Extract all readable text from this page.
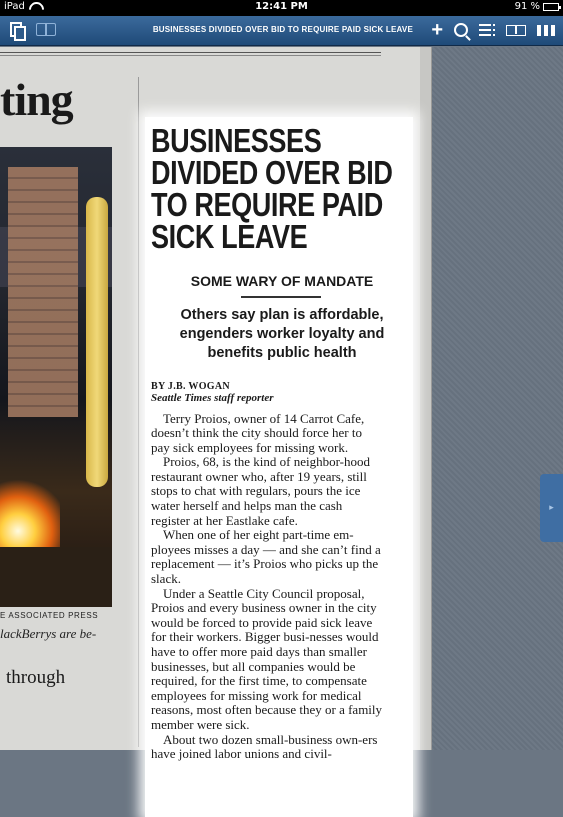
iPad	12:41 PM	91 %
BUSINESSES DIVIDED OVER BID TO REQUIRE PAID SICK LEAVE +
▸
ting
E ASSOCIATED PRESS
lackBerrys are be-
through
BUSINESSES DIVIDED OVER BID TO REQUIRE PAID SICK LEAVE
SOME WARY OF MANDATE
Others say plan is affordable, engenders worker loyalty and benefits public health
BY J.B. WOGAN
Seattle Times staff reporter

Terry Proios, owner of 14 Carrot Cafe, doesn’t think the city should force her to pay sick employees for missing work.

Proios, 68, is the kind of neighbor-hood restaurant owner who, after 19 years, still stops to chat with regulars, pours the ice water herself and helps man the cash register at her Eastlake cafe.

When one of her eight part-time em-ployees misses a day — and she can’t find a replacement — it’s Proios who picks up the slack.

Under a Seattle City Council proposal, Proios and every business owner in the city would be forced to provide paid sick leave for their workers. Bigger busi-nesses would have to offer more paid days than smaller businesses, but all companies would be required, for the first time, to compensate employees for missing work for medical reasons, most often because they or a family member were sick.

About two dozen small-business own-ers have joined labor unions and civil-
